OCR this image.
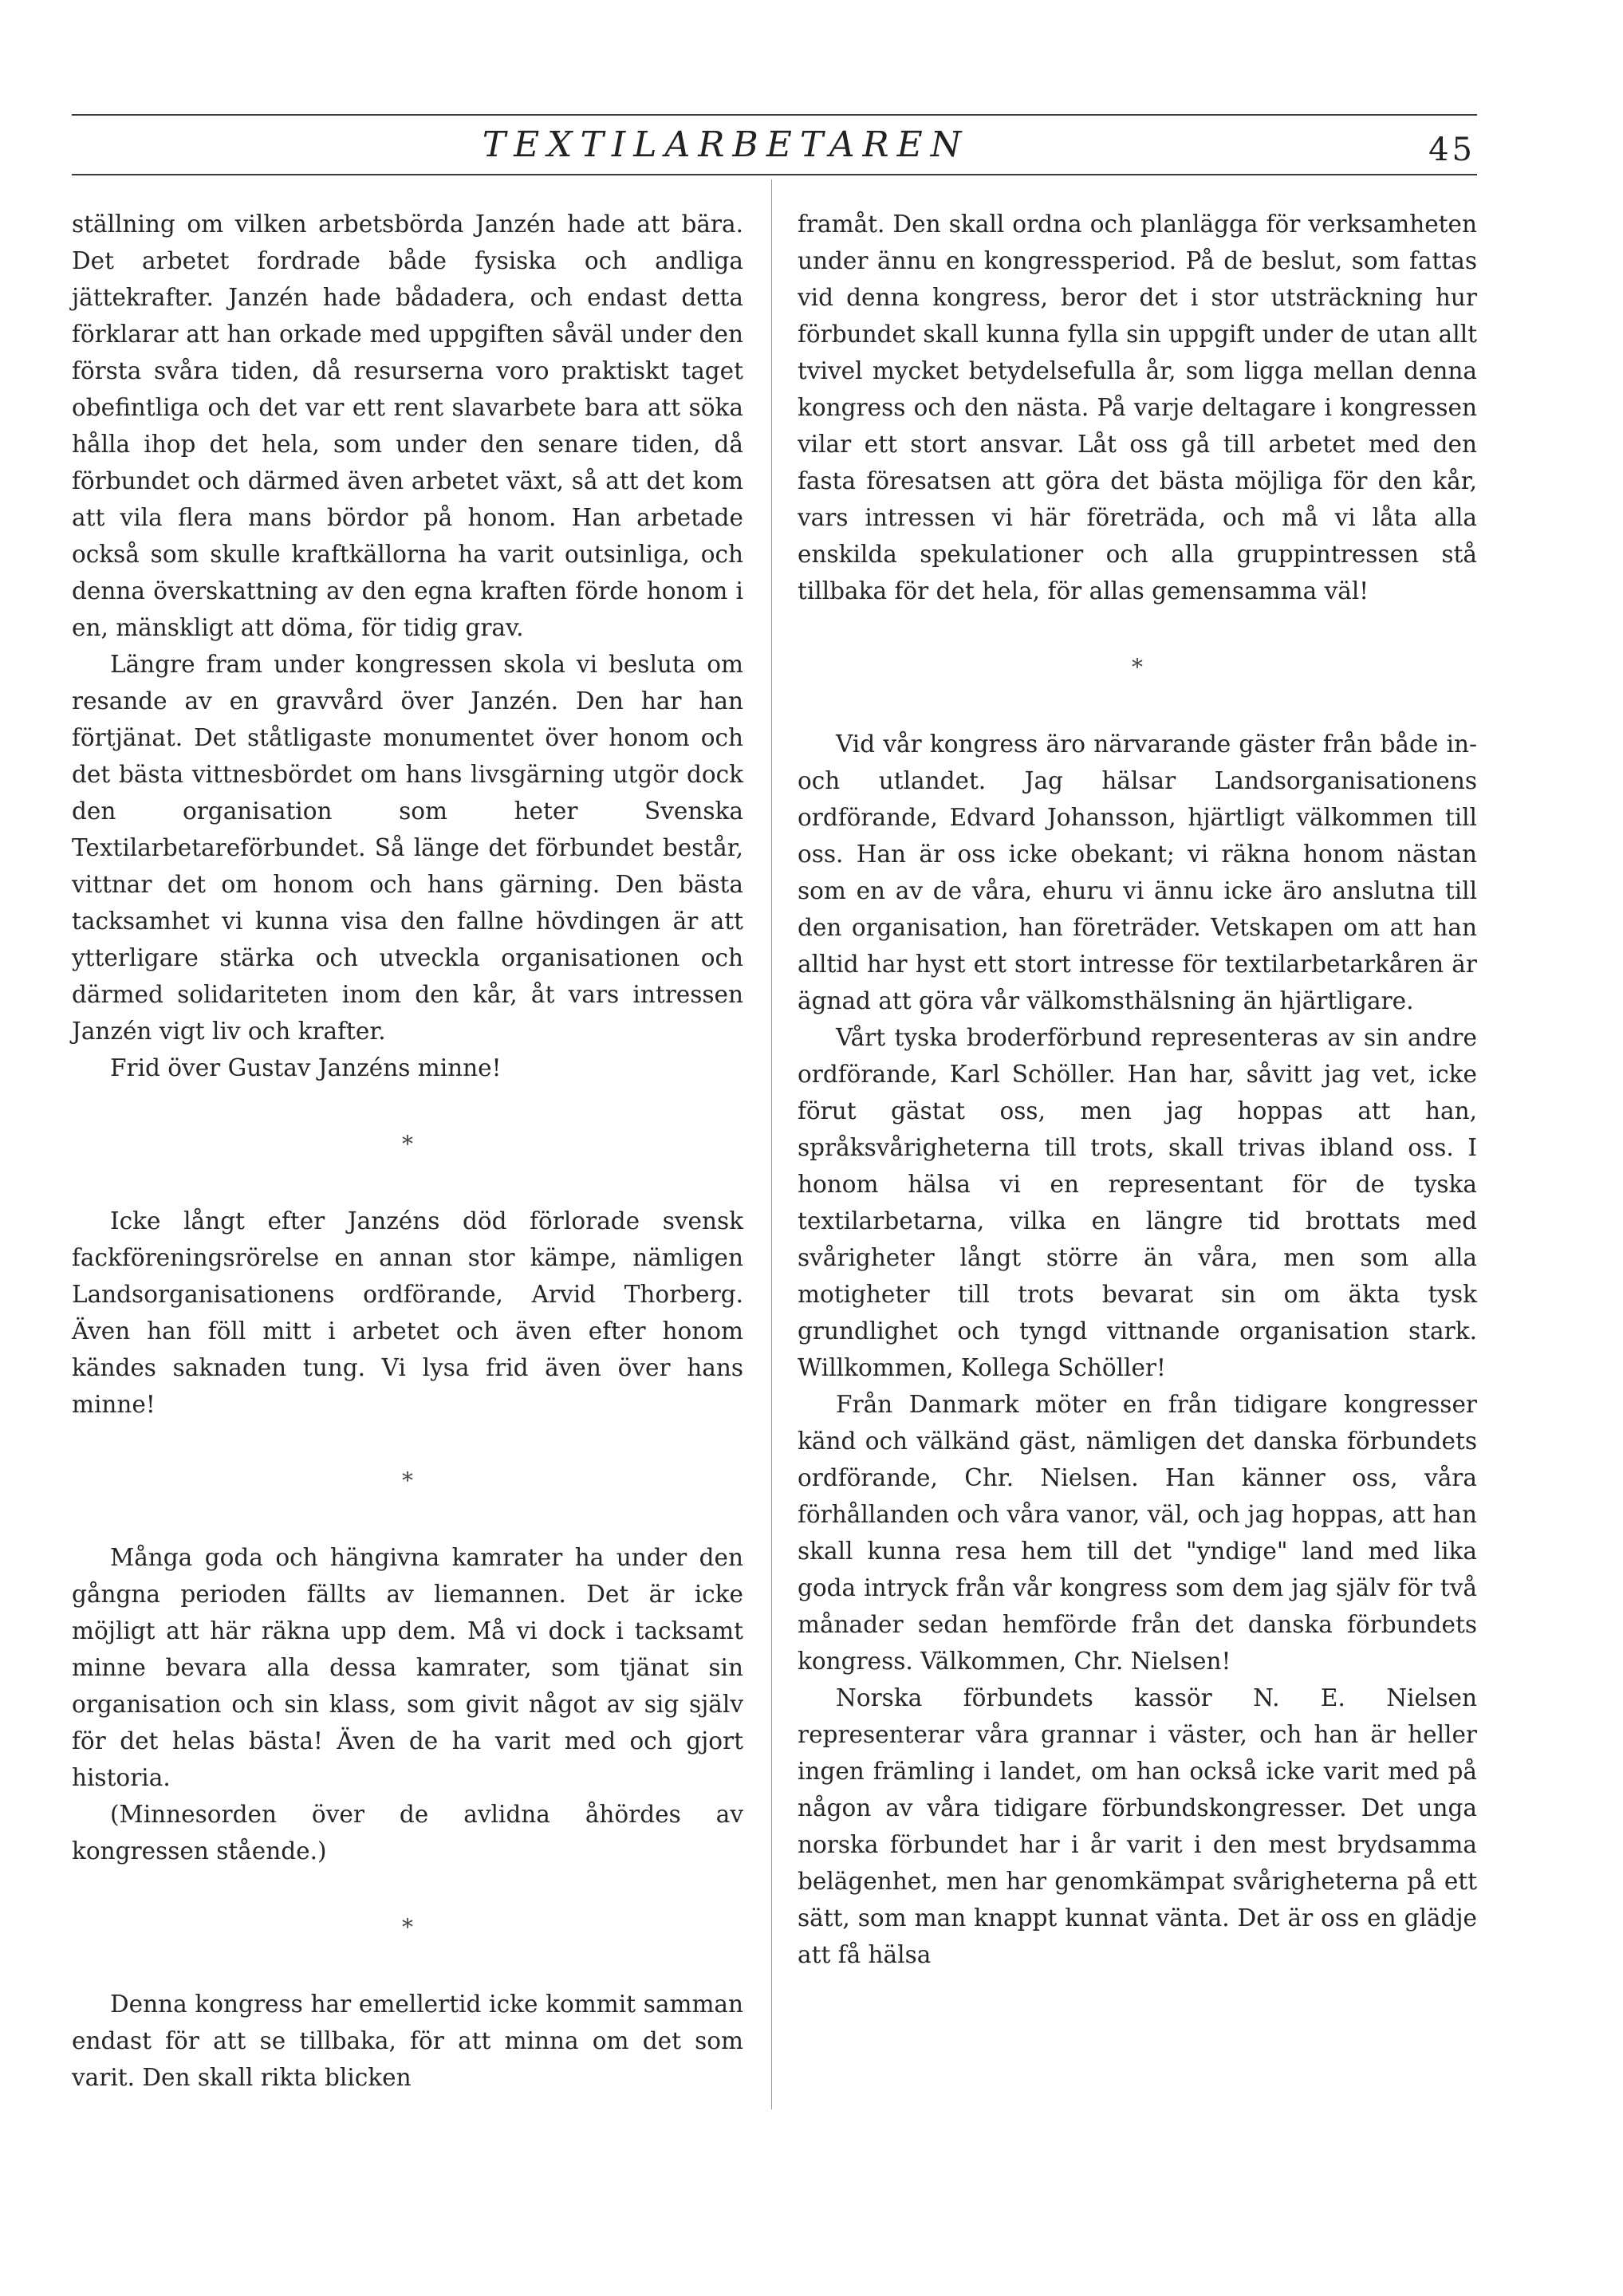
TEXTILARBETAREN	45

ställning om vilken arbetsbörda Janzén hade att bära. Det arbetet fordrade både fysiska och andliga jättekrafter. Janzén hade bådadera, och endast detta förklarar att han orkade med uppgiften såväl under den första svåra tiden, då resurserna voro praktiskt taget obefintliga och det var ett rent slavarbete bara att söka hålla ihop det hela, som under den senare tiden, då förbundet och därmed även arbetet växt, så att det kom att vila flera mans bördor på honom. Han arbetade också som skulle kraftkällorna ha varit outsinliga, och denna överskattning av den egna kraften förde honom i en, mänskligt att döma, för tidig grav.

Längre fram under kongressen skola vi besluta om resande av en gravvård över Janzén. Den har han förtjänat. Det ståtligaste monumentet över honom och det bästa vittnesbördet om hans livsgärning utgör dock den organisation som heter Svenska Textilarbetareförbundet. Så länge det förbundet består, vittnar det om honom och hans gärning. Den bästa tacksamhet vi kunna visa den fallne hövdingen är att ytterligare stärka och utveckla organisationen och därmed solidariteten inom den kår, åt vars intressen Janzén vigt liv och krafter.

Frid över Gustav Janzéns minne!

*

Icke långt efter Janzéns död förlorade svensk fackföreningsrörelse en annan stor kämpe, nämligen Landsorganisationens ordförande, Arvid Thorberg. Även han föll mitt i arbetet och även efter honom kändes saknaden tung. Vi lysa frid även över hans minne!

*

Många goda och hängivna kamrater ha under den gångna perioden fällts av liemannen. Det är icke möjligt att här räkna upp dem. Må vi dock i tacksamt minne bevara alla dessa kamrater, som tjänat sin organisation och sin klass, som givit något av sig själv för det helas bästa! Även de ha varit med och gjort historia.

(Minnesorden över de avlidna åhördes av kongressen stående.)

*

Denna kongress har emellertid icke kommit samman endast för att se tillbaka, för att minna om det som varit. Den skall rikta blicken

framåt. Den skall ordna och planlägga för verksamheten under ännu en kongressperiod. På de beslut, som fattas vid denna kongress, beror det i stor utsträckning hur förbundet skall kunna fylla sin uppgift under de utan allt tvivel mycket betydelsefulla år, som ligga mellan denna kongress och den nästa. På varje deltagare i kongressen vilar ett stort ansvar. Låt oss gå till arbetet med den fasta föresatsen att göra det bästa möjliga för den kår, vars intressen vi här företräda, och må vi låta alla enskilda spekulationer och alla gruppintressen stå tillbaka för det hela, för allas gemensamma väl!

*

Vid vår kongress äro närvarande gäster från både in- och utlandet. Jag hälsar Landsorganisationens ordförande, Edvard Johansson, hjärtligt välkommen till oss. Han är oss icke obekant; vi räkna honom nästan som en av de våra, ehuru vi ännu icke äro anslutna till den organisation, han företräder. Vetskapen om att han alltid har hyst ett stort intresse för textilarbetarkåren är ägnad att göra vår välkomsthälsning än hjärtligare.

Vårt tyska broderförbund representeras av sin andre ordförande, Karl Schöller. Han har, såvitt jag vet, icke förut gästat oss, men jag hoppas att han, språksvårigheterna till trots, skall trivas ibland oss. I honom hälsa vi en representant för de tyska textilarbetarna, vilka en längre tid brottats med svårigheter långt större än våra, men som alla motigheter till trots bevarat sin om äkta tysk grundlighet och tyngd vittnande organisation stark. Willkommen, Kollega Schöller!

Från Danmark möter en från tidigare kongresser känd och välkänd gäst, nämligen det danska förbundets ordförande, Chr. Nielsen. Han känner oss, våra förhållanden och våra vanor, väl, och jag hoppas, att han skall kunna resa hem till det "yndige" land med lika goda intryck från vår kongress som dem jag själv för två månader sedan hemförde från det danska förbundets kongress. Välkommen, Chr. Nielsen!

Norska förbundets kassör N. E. Nielsen representerar våra grannar i väster, och han är heller ingen främling i landet, om han också icke varit med på någon av våra tidigare förbundskongresser. Det unga norska förbundet har i år varit i den mest brydsamma belägenhet, men har genomkämpat svårigheterna på ett sätt, som man knappt kunnat vänta. Det är oss en glädje att få hälsa
